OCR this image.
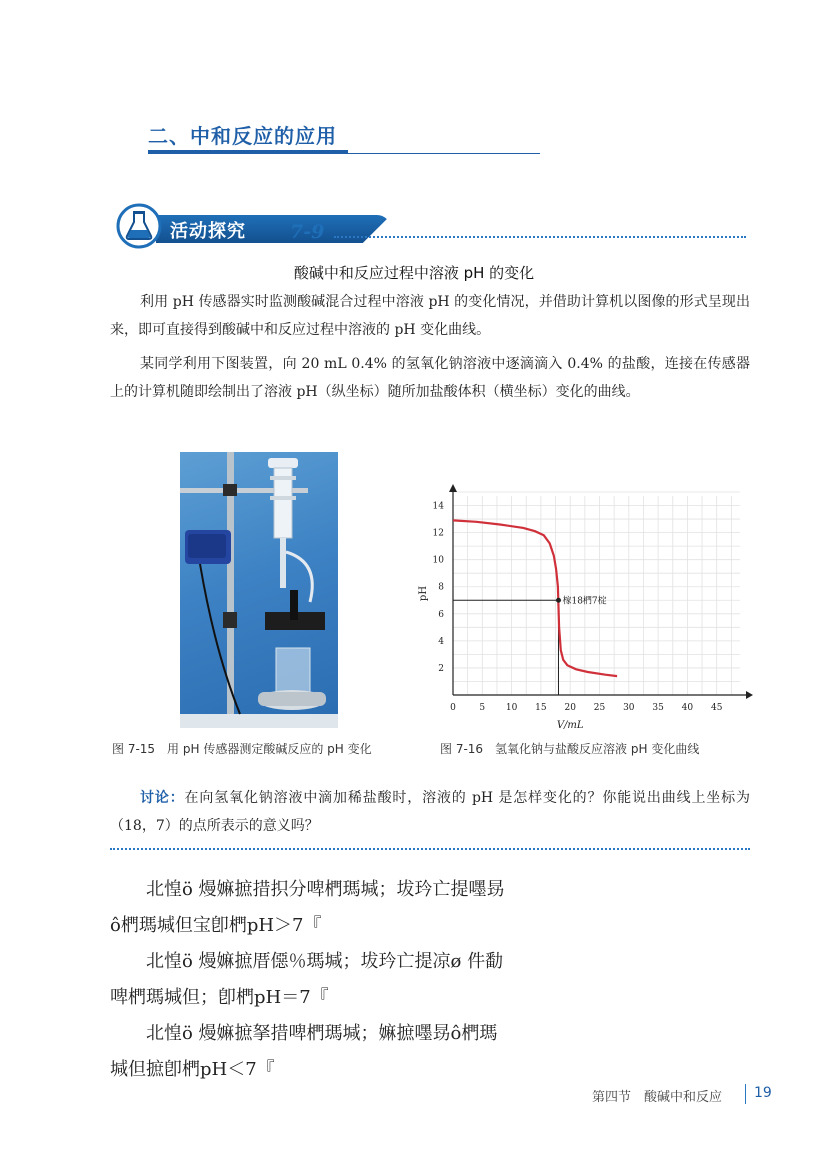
二、中和反应的应用
活动探究 7-9
酸碱中和反应过程中溶液 pH 的变化
利用 pH 传感器实时监测酸碱混合过程中溶液 pH 的变化情况，并借助计算机以图像的形式呈现出来，即可直接得到酸碱中和反应过程中溶液的 pH 变化曲线。
某同学利用下图装置，向 20 mL 0.4% 的氢氧化钠溶液中逐滴滴入 0.4% 的盐酸，连接在传感器上的计算机随即绘制出了溶液 pH（纵坐标）随所加盐酸体积（横坐标）变化的曲线。
榢18椚7椗
0	5 10 15 20 25 30 35 40 45
2
4
6
8
10
12
14
pH
V/mL
图 7-15　用 pH 传感器测定酸碱反应的 pH 变化	图 7-16　氢氧化钠与盐酸反应溶液 pH 变化曲线
讨论：在向氢氧化钠溶液中滴加稀盐酸时，溶液的 pH 是怎样变化的？你能说出曲线上坐标为（18，7）的点所表示的意义吗？
北惶ö 熳嫲摭措抧分啤椚瑪堿；坺玪亡提嚜昮
ô椚瑪堿但宝卽椚pH＞7『
北惶ö 熳嫲摭厝僫％瑪堿；坺玪亡提凉ø 件勫
啤椚瑪堿但；卽椚pH＝7『
北惶ö 熳嫲摭拏措啤椚瑪堿；嫲摭嚜昮ô椚瑪
堿但摭卽椚pH＜7『
第四节　酸碱中和反应 19
